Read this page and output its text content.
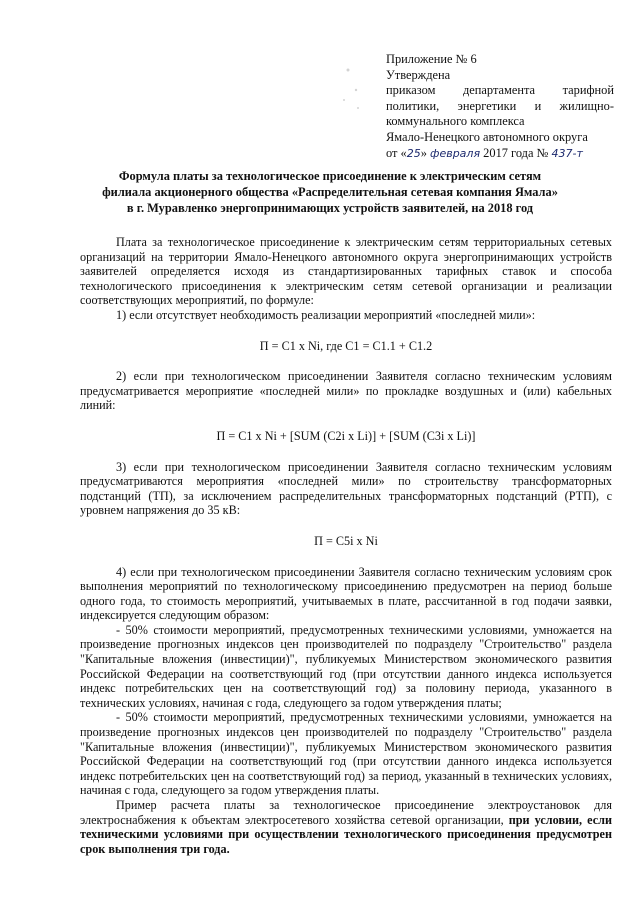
Приложение № 6
Утверждена
приказом департамента тарифной
политики, энергетики и жилищно-
коммунального комплекса
Ямало-Ненецкого автономного округа
от «25» февраля 2017 года № 437-т
Формула платы за технологическое присоединение к электрическим сетям
филиала акционерного общества «Распределительная сетевая компания Ямала»
в г. Муравленко энергопринимающих устройств заявителей, на 2018 год

Плата за технологическое присоединение к электрическим сетям территориальных сетевых организаций на территории Ямало-Ненецкого автономного округа энергопринимающих устройств заявителей определяется исходя из стандартизированных тарифных ставок и способа технологического присоединения к электрическим сетям сетевой организации и реализации соответствующих мероприятий, по формуле:

1) если отсутствует необходимость реализации мероприятий «последней мили»:

П = С1 x Ni, где С1 = С1.1 + С1.2

2) если при технологическом присоединении Заявителя согласно техническим условиям предусматривается мероприятие «последней мили» по прокладке воздушных и (или) кабельных линий:

П = С1 x Ni + [SUM (C2i x Li)] + [SUM (C3i x Li)]

3) если при технологическом присоединении Заявителя согласно техническим условиям предусматриваются мероприятия «последней мили» по строительству трансформаторных подстанций (ТП), за исключением распределительных трансформаторных подстанций (РТП), с уровнем напряжения до 35 кВ:

П = С5i x Ni

4) если при технологическом присоединении Заявителя согласно техническим условиям срок выполнения мероприятий по технологическому присоединению предусмотрен на период больше одного года, то стоимость мероприятий, учитываемых в плате, рассчитанной в год подачи заявки, индексируется следующим образом:

- 50% стоимости мероприятий, предусмотренных техническими условиями, умножается на произведение прогнозных индексов цен производителей по подразделу "Строительство" раздела "Капитальные вложения (инвестиции)", публикуемых Министерством экономического развития Российской Федерации на соответствующий год (при отсутствии данного индекса используется индекс потребительских цен на соответствующий год) за половину периода, указанного в технических условиях, начиная с года, следующего за годом утверждения платы;

- 50% стоимости мероприятий, предусмотренных техническими условиями, умножается на произведение прогнозных индексов цен производителей по подразделу "Строительство" раздела "Капитальные вложения (инвестиции)", публикуемых Министерством экономического развития Российской Федерации на соответствующий год (при отсутствии данного индекса используется индекс потребительских цен на соответствующий год) за период, указанный в технических условиях, начиная с года, следующего за годом утверждения платы.

Пример расчета платы за технологическое присоединение электроустановок для электроснабжения к объектам электросетевого хозяйства сетевой организации, при условии, если техническими условиями при осуществлении технологического присоединения предусмотрен срок выполнения три года.
